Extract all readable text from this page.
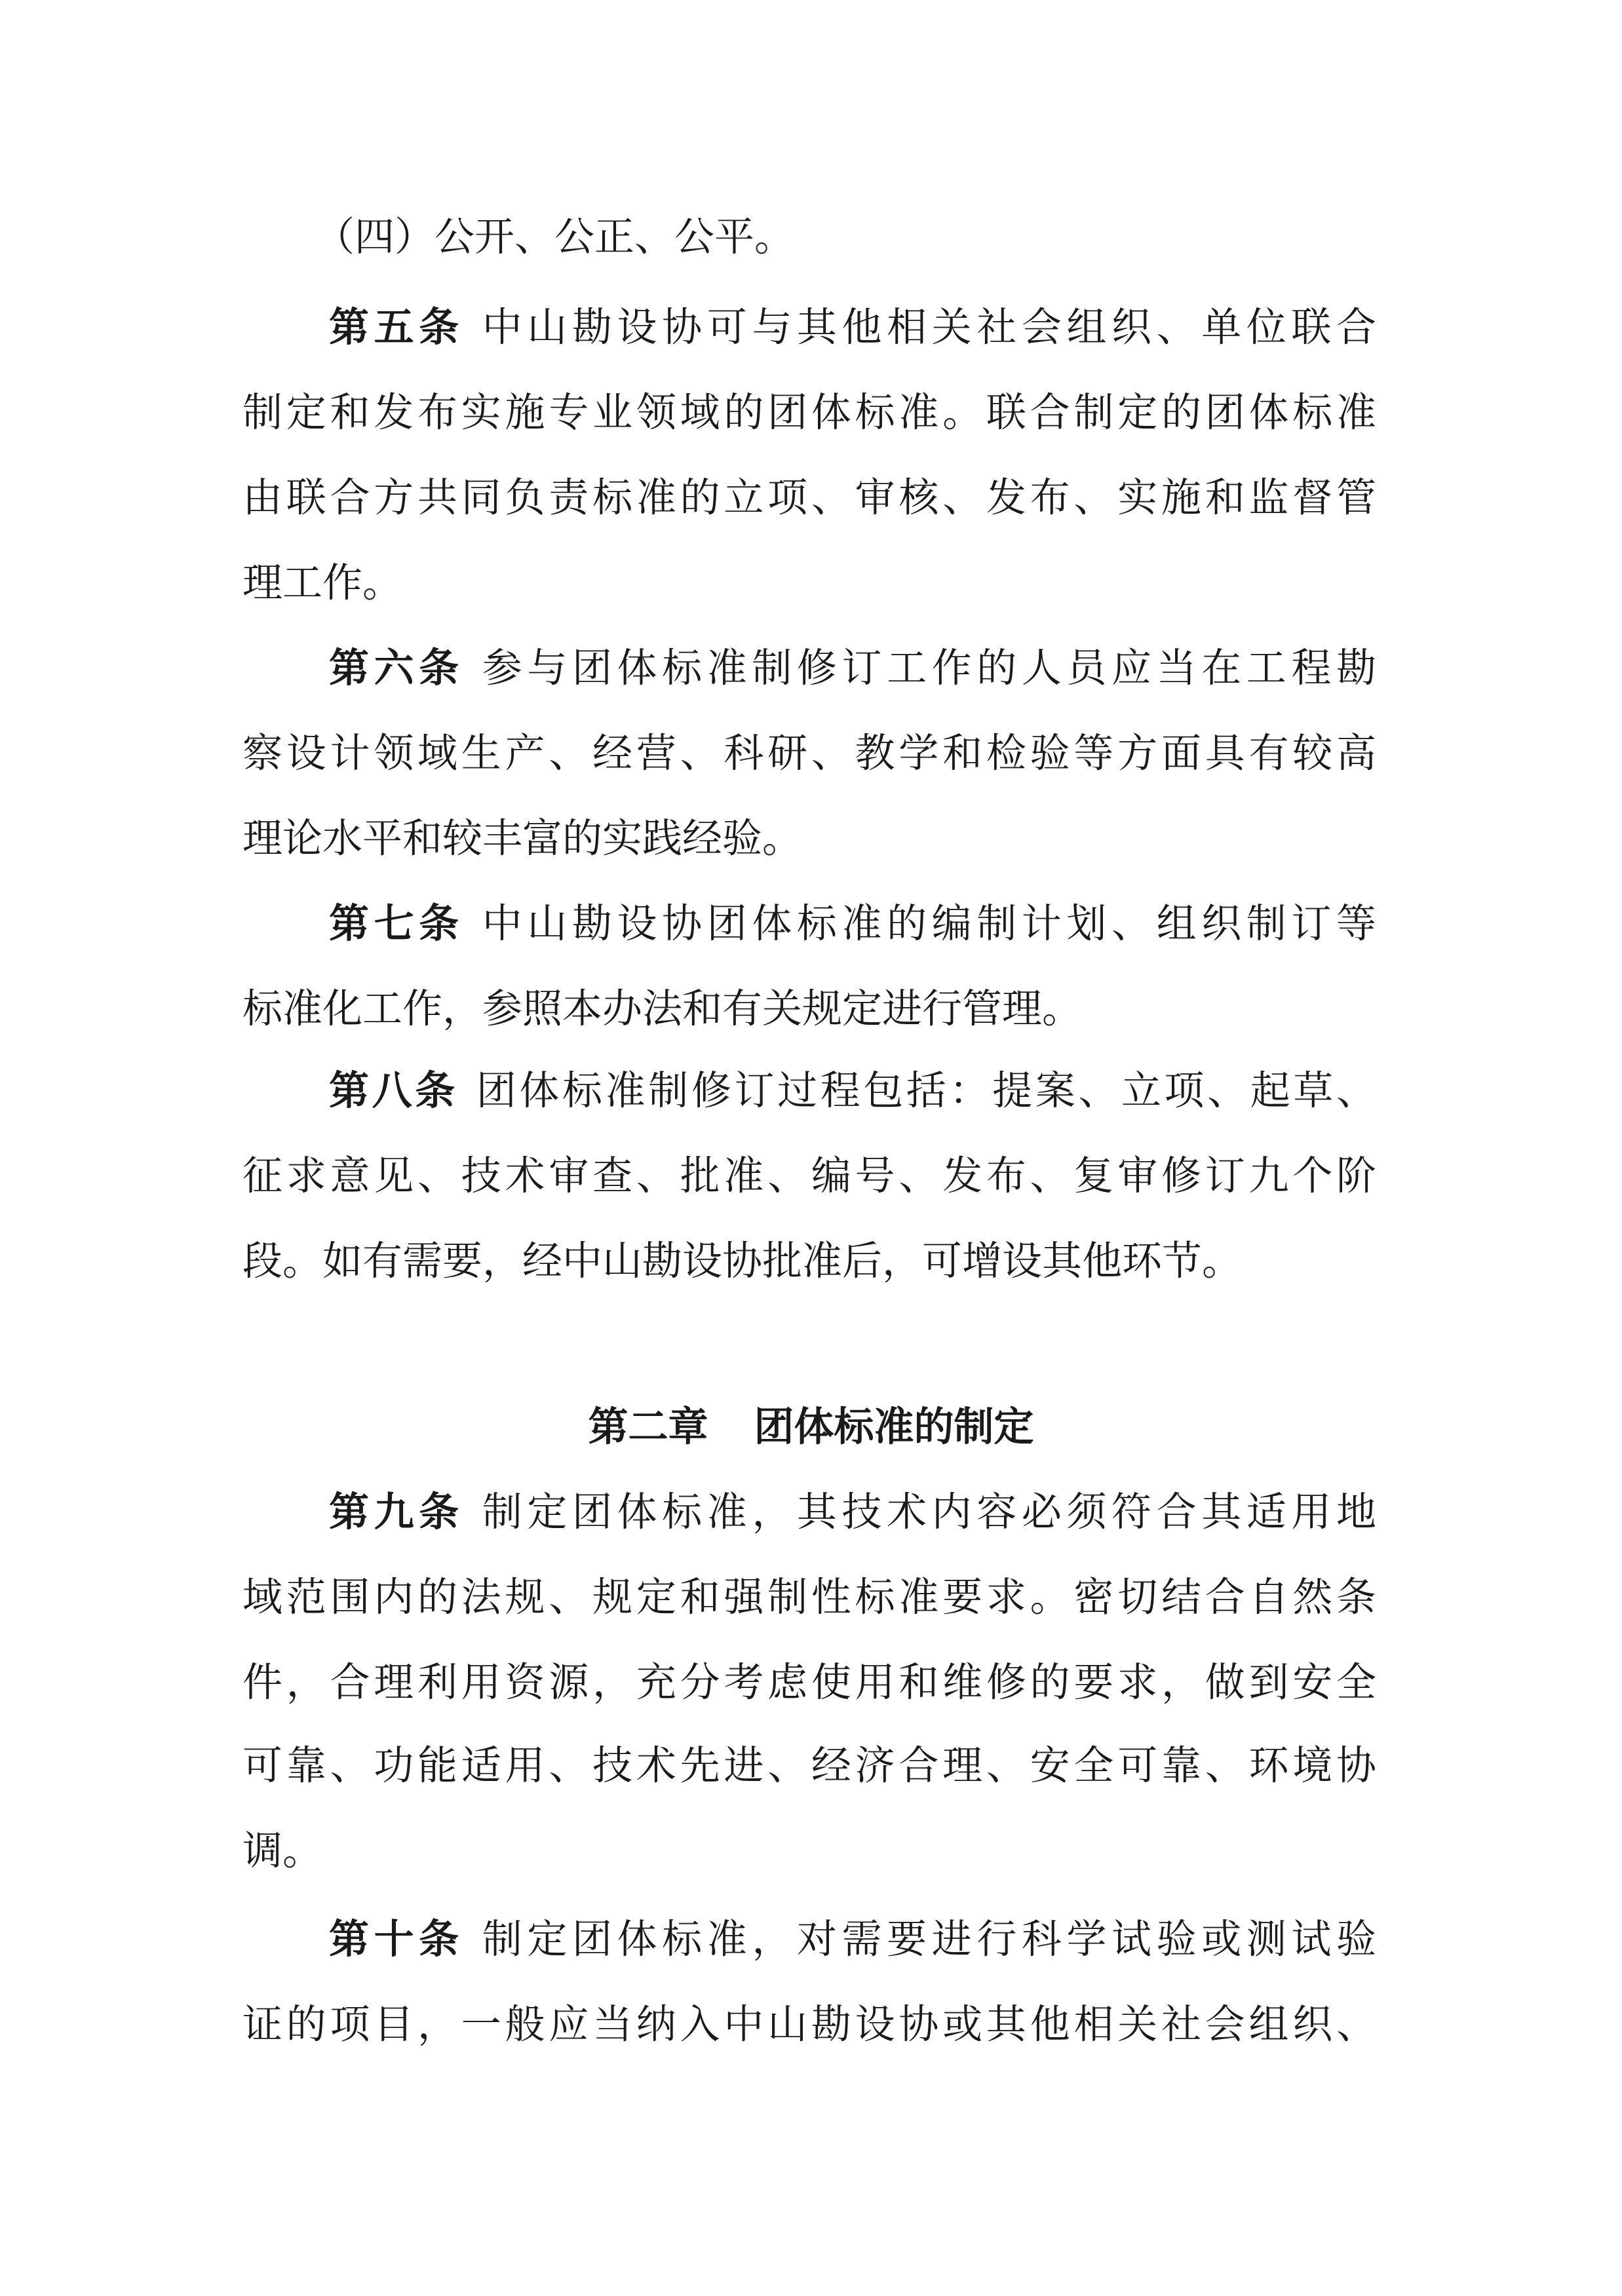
（四）公开、公正、公平。
第五条 中山勘设协可与其他相关社会组织、单位联合
制定和发布实施专业领域的团体标准。联合制定的团体标准
由联合方共同负责标准的立项、审核、发布、实施和监督管
理工作。
第六条 参与团体标准制修订工作的人员应当在工程勘
察设计领域生产、经营、科研、教学和检验等方面具有较高
理论水平和较丰富的实践经验。
第七条 中山勘设协团体标准的编制计划、组织制订等
标准化工作，参照本办法和有关规定进行管理。
第八条 团体标准制修订过程包括：提案、立项、起草、
征求意见、技术审查、批准、编号、发布、复审修订九个阶
段。如有需要，经中山勘设协批准后，可增设其他环节。
第二章 团体标准的制定
第九条 制定团体标准，其技术内容必须符合其适用地
域范围内的法规、规定和强制性标准要求。密切结合自然条
件，合理利用资源，充分考虑使用和维修的要求，做到安全
可靠、功能适用、技术先进、经济合理、安全可靠、环境协
调。
第十条 制定团体标准，对需要进行科学试验或测试验
证的项目，一般应当纳入中山勘设协或其他相关社会组织、
